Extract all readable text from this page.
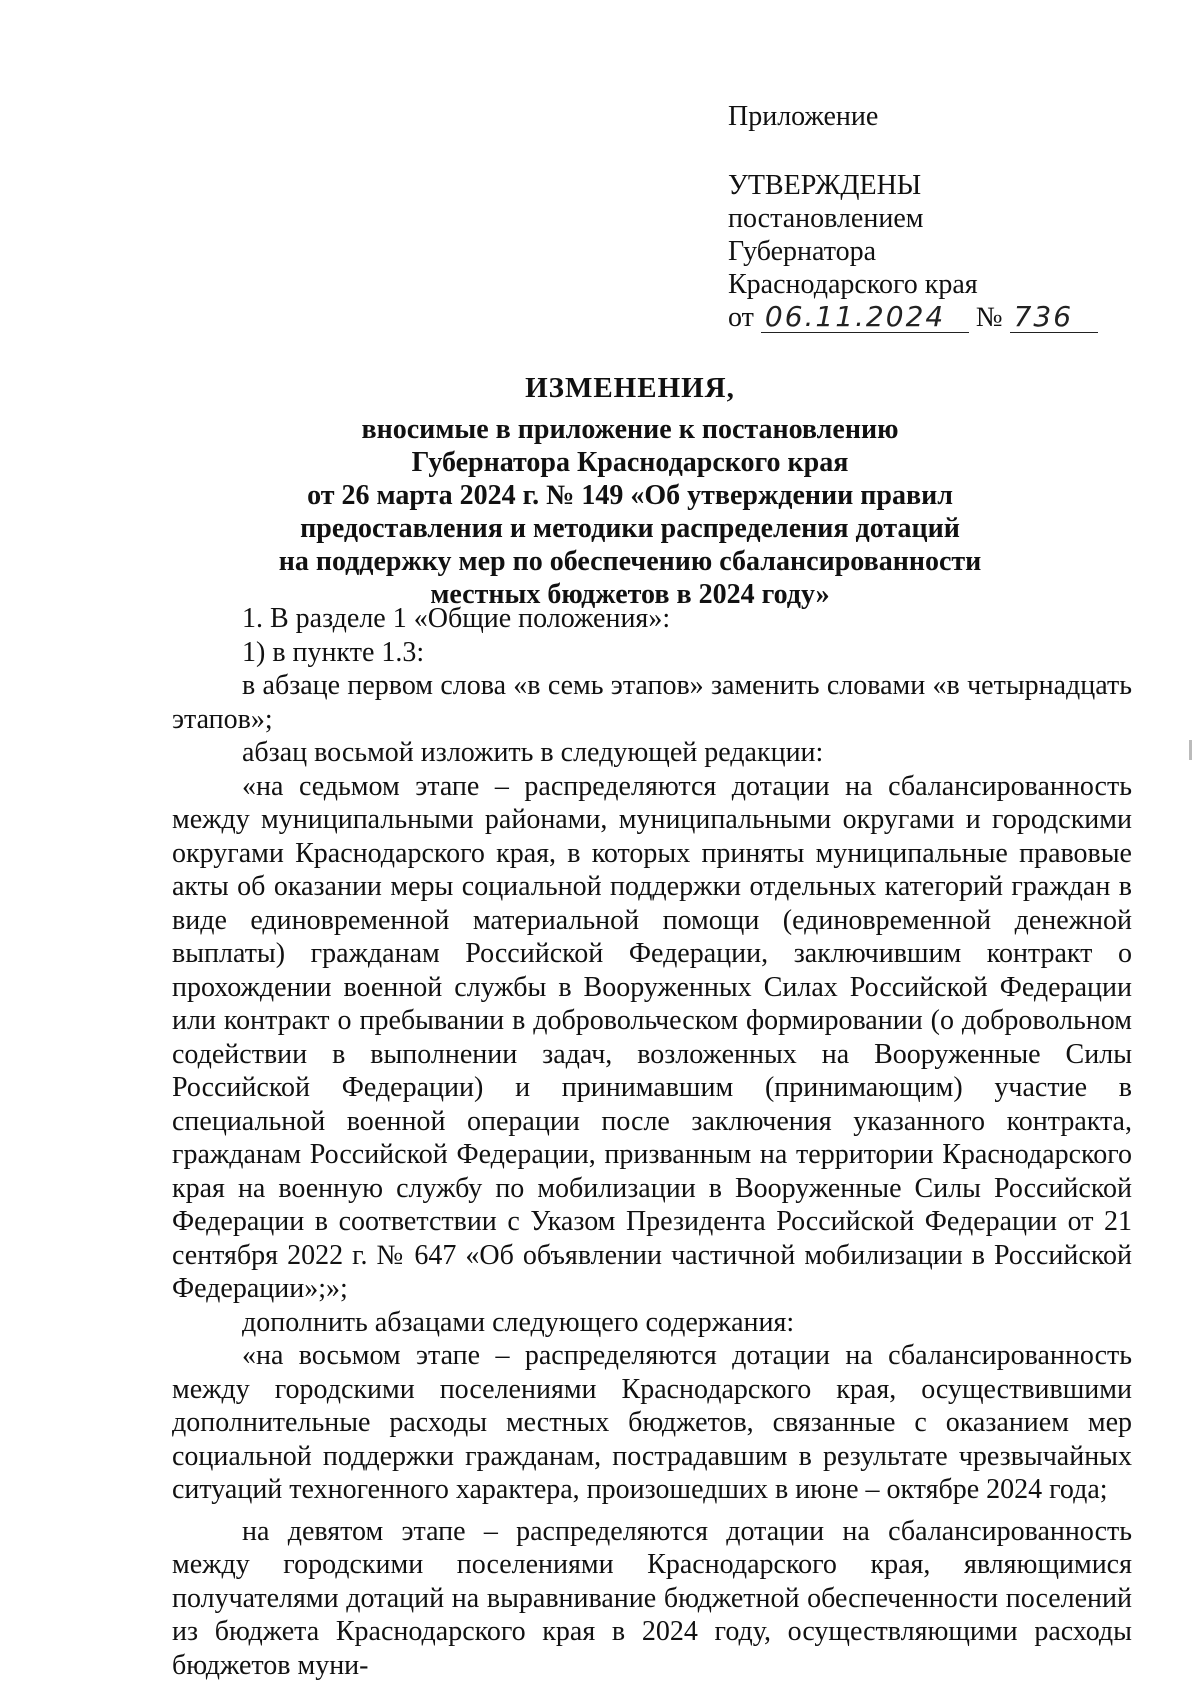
Приложение
УТВЕРЖДЕНЫ
постановлением
Губернатора
Краснодарского края
от 06.11.2024 № 736
ИЗМЕНЕНИЯ,
вносимые в приложение к постановлению
Губернатора Краснодарского края
от 26 марта 2024 г. № 149 «Об утверждении правил
предоставления и методики распределения дотаций
на поддержку мер по обеспечению сбалансированности
местных бюджетов в 2024 году»

1. В разделе 1 «Общие положения»:

1) в пункте 1.3:

в абзаце первом слова «в семь этапов» заменить словами «в четырнадцать этапов»;

абзац восьмой изложить в следующей редакции:

«на седьмом этапе – распределяются дотации на сбалансированность между муниципальными районами, муниципальными округами и городскими округами Краснодарского края, в которых приняты муниципальные правовые акты об оказании меры социальной поддержки отдельных категорий граждан в виде единовременной материальной помощи (единовременной денежной выплаты) гражданам Российской Федерации, заключившим контракт о прохождении военной службы в Вооруженных Силах Российской Федерации или контракт о пребывании в добровольческом формировании (о добровольном содействии в выполнении задач, возложенных на Вооруженные Силы Российской Федерации) и принимавшим (принимающим) участие в специальной военной операции после заключения указанного контракта, гражданам Российской Федерации, призванным на территории Краснодарского края на военную службу по мобилизации в Вооруженные Силы Российской Федерации в соответствии с Указом Президента Российской Федерации от 21 сентября 2022 г. № 647 «Об объявлении частичной мобилизации в Российской Федерации»;»;

дополнить абзацами следующего содержания:

«на восьмом этапе – распределяются дотации на сбалансированность между городскими поселениями Краснодарского края, осуществившими дополнительные расходы местных бюджетов, связанные с оказанием мер социальной поддержки гражданам, пострадавшим в результате чрезвычайных ситуаций техногенного характера, произошедших в июне – октябре 2024 года;

на девятом этапе – распределяются дотации на сбалансированность между городскими поселениями Краснодарского края, являющимися получателями дотаций на выравнивание бюджетной обеспеченности поселений из бюджета Краснодарского края в 2024 году, осуществляющими расходы бюджетов муни-
